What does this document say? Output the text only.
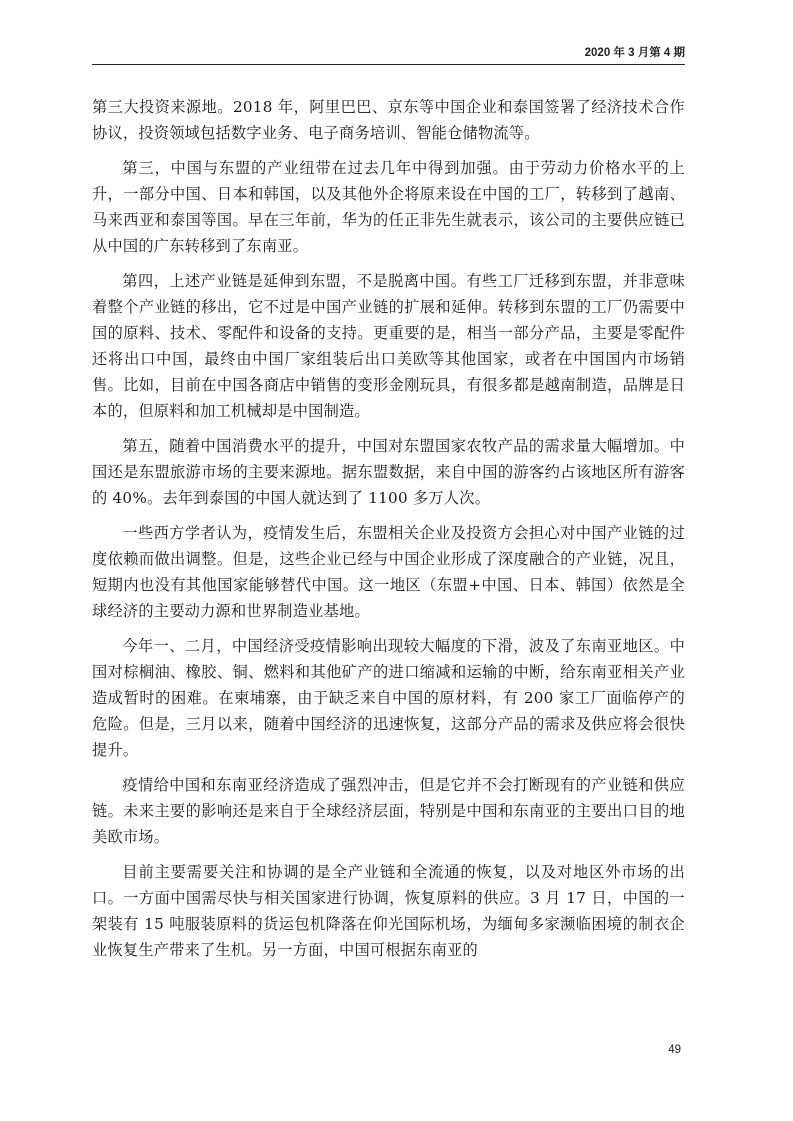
2020 年 3 月第 4 期

第三大投资来源地。2018 年，阿里巴巴、京东等中国企业和泰国签署了经济技术合作协议，投资领域包括数字业务、电子商务培训、智能仓储物流等。

第三，中国与东盟的产业纽带在过去几年中得到加强。由于劳动力价格水平的上升，一部分中国、日本和韩国，以及其他外企将原来设在中国的工厂，转移到了越南、马来西亚和泰国等国。早在三年前，华为的任正非先生就表示，该公司的主要供应链已从中国的广东转移到了东南亚。

第四，上述产业链是延伸到东盟，不是脱离中国。有些工厂迁移到东盟，并非意味着整个产业链的移出，它不过是中国产业链的扩展和延伸。转移到东盟的工厂仍需要中国的原料、技术、零配件和设备的支持。更重要的是，相当一部分产品，主要是零配件还将出口中国，最终由中国厂家组装后出口美欧等其他国家，或者在中国国内市场销售。比如，目前在中国各商店中销售的变形金刚玩具，有很多都是越南制造，品牌是日本的，但原料和加工机械却是中国制造。

第五，随着中国消费水平的提升，中国对东盟国家农牧产品的需求量大幅增加。中国还是东盟旅游市场的主要来源地。据东盟数据，来自中国的游客约占该地区所有游客的 40%。去年到泰国的中国人就达到了 1100 多万人次。

一些西方学者认为，疫情发生后，东盟相关企业及投资方会担心对中国产业链的过度依赖而做出调整。但是，这些企业已经与中国企业形成了深度融合的产业链，况且，短期内也没有其他国家能够替代中国。这一地区（东盟+中国、日本、韩国）依然是全球经济的主要动力源和世界制造业基地。

今年一、二月，中国经济受疫情影响出现较大幅度的下滑，波及了东南亚地区。中国对棕榈油、橡胶、铜、燃料和其他矿产的进口缩减和运输的中断，给东南亚相关产业造成暂时的困难。在柬埔寨，由于缺乏来自中国的原材料，有 200 家工厂面临停产的危险。但是，三月以来，随着中国经济的迅速恢复，这部分产品的需求及供应将会很快提升。

疫情给中国和东南亚经济造成了强烈冲击，但是它并不会打断现有的产业链和供应链。未来主要的影响还是来自于全球经济层面，特别是中国和东南亚的主要出口目的地美欧市场。

目前主要需要关注和协调的是全产业链和全流通的恢复，以及对地区外市场的出口。一方面中国需尽快与相关国家进行协调，恢复原料的供应。3 月 17 日，中国的一架装有 15 吨服装原料的货运包机降落在仰光国际机场，为缅甸多家濒临困境的制衣企业恢复生产带来了生机。另一方面，中国可根据东南亚的

49
